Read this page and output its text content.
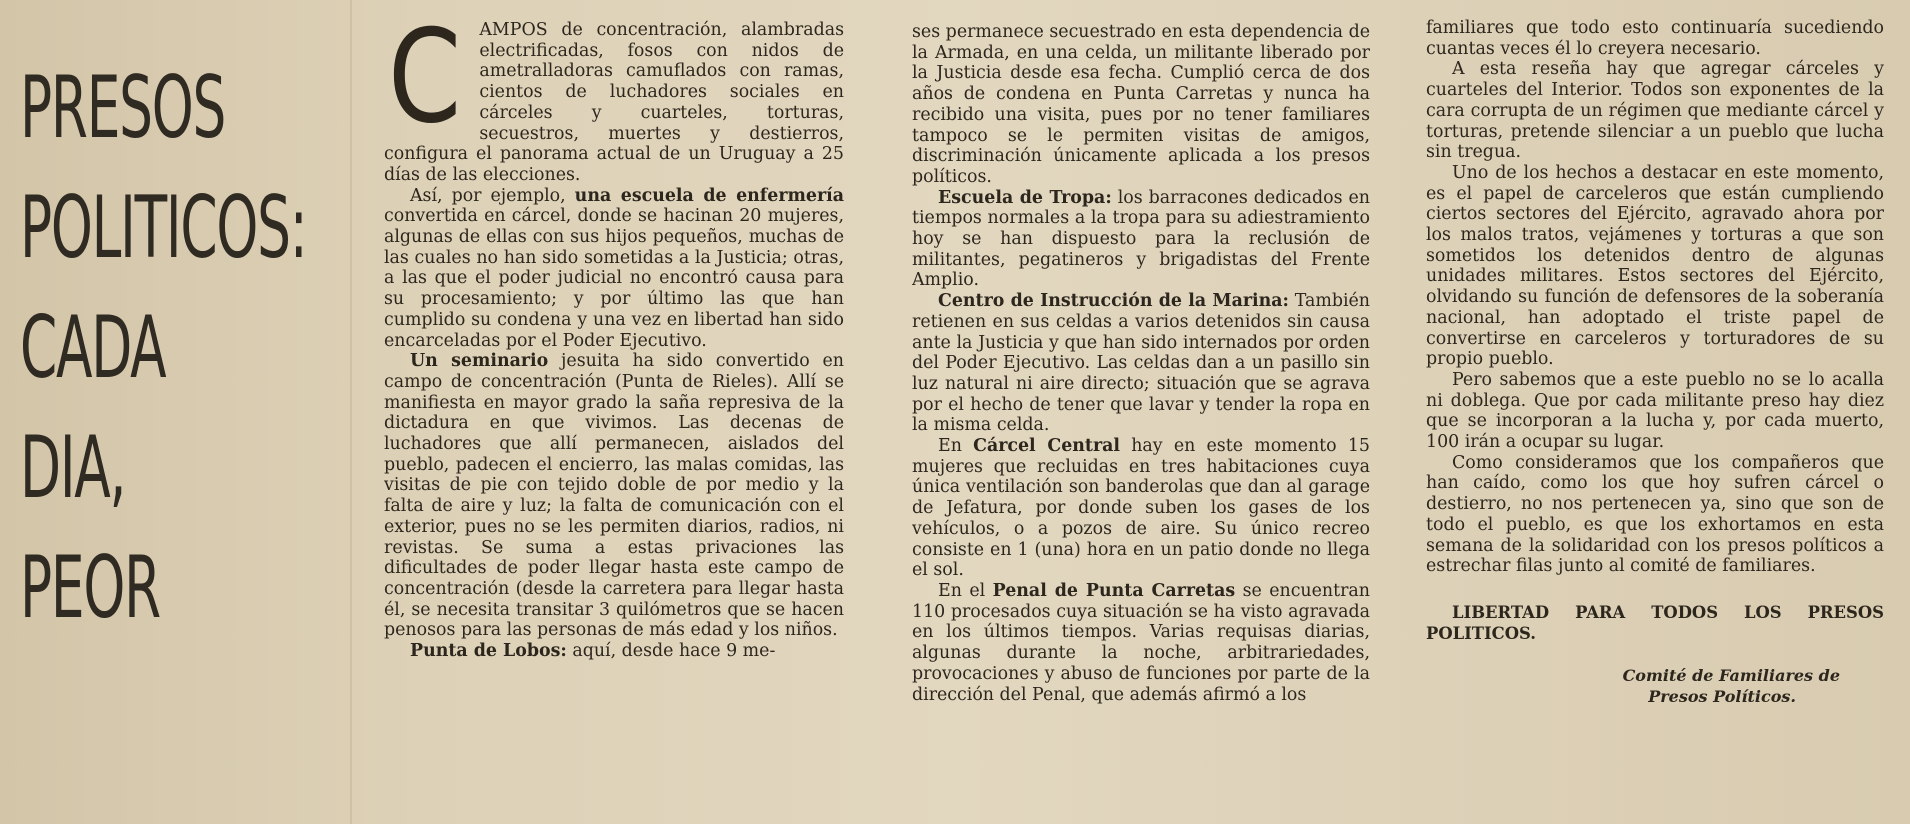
PRESOS
POLITICOS:
CADA
DIA,
PEOR
C	AMPOS de concentración, alambradas electrificadas, fosos con nidos de ametralladoras camuflados con ramas, cientos de luchadores sociales en cárceles y cuarteles, torturas, secuestros, muertes y destierros, configura el panorama actual de un Uruguay a 25 días de las elecciones.

Así, por ejemplo, una escuela de enfermería convertida en cárcel, donde se hacinan 20 mujeres, algunas de ellas con sus hijos pequeños, muchas de las cuales no han sido sometidas a la Justicia; otras, a las que el poder judicial no encontró causa para su procesamiento; y por último las que han cumplido su condena y una vez en libertad han sido encarceladas por el Poder Ejecutivo.

Un seminario jesuita ha sido convertido en campo de concentración (Punta de Rieles). Allí se manifiesta en mayor grado la saña represiva de la dictadura en que vivimos. Las decenas de luchadores que allí permanecen, aislados del pueblo, padecen el encierro, las malas comidas, las visitas de pie con tejido doble de por medio y la falta de aire y luz; la falta de comunicación con el exterior, pues no se les permiten diarios, radios, ni revistas. Se suma a estas privaciones las dificultades de poder llegar hasta este campo de concentración (desde la carretera para llegar hasta él, se necesita transitar 3 quilómetros que se hacen penosos para las personas de más edad y los niños.

Punta de Lobos: aquí, desde hace 9 me-

ses permanece secuestrado en esta dependencia de la Armada, en una celda, un militante liberado por la Justicia desde esa fecha. Cumplió cerca de dos años de condena en Punta Carretas y nunca ha recibido una visita, pues por no tener familiares tampoco se le permiten visitas de amigos, discriminación únicamente aplicada a los presos políticos.

Escuela de Tropa: los barracones dedicados en tiempos normales a la tropa para su adiestramiento hoy se han dispuesto para la reclusión de militantes, pegatineros y brigadistas del Frente Amplio.

Centro de Instrucción de la Marina: También retienen en sus celdas a varios detenidos sin causa ante la Justicia y que han sido internados por orden del Poder Ejecutivo. Las celdas dan a un pasillo sin luz natural ni aire directo; situación que se agrava por el hecho de tener que lavar y tender la ropa en la misma celda.

En Cárcel Central hay en este momento 15 mujeres que recluidas en tres habitaciones cuya única ventilación son banderolas que dan al garage de Jefatura, por donde suben los gases de los vehículos, o a pozos de aire. Su único recreo consiste en 1 (una) hora en un patio donde no llega el sol.

En el Penal de Punta Carretas se encuentran 110 procesados cuya situación se ha visto agravada en los últimos tiempos. Varias requisas diarias, algunas durante la noche, arbitrariedades, provocaciones y abuso de funciones por parte de la dirección del Penal, que además afirmó a los

familiares que todo esto continuaría sucediendo cuantas veces él lo creyera necesario.

A esta reseña hay que agregar cárceles y cuarteles del Interior. Todos son exponentes de la cara corrupta de un régimen que mediante cárcel y torturas, pretende silenciar a un pueblo que lucha sin tregua.

Uno de los hechos a destacar en este momento, es el papel de carceleros que están cumpliendo ciertos sectores del Ejército, agravado ahora por los malos tratos, vejámenes y torturas a que son sometidos los detenidos dentro de algunas unidades militares. Estos sectores del Ejército, olvidando su función de defensores de la soberanía nacional, han adoptado el triste papel de convertirse en carceleros y torturadores de su propio pueblo.

Pero sabemos que a este pueblo no se lo acalla ni doblega. Que por cada militante preso hay diez que se incorporan a la lucha y, por cada muerto, 100 irán a ocupar su lugar.

Como consideramos que los compañeros que han caído, como los que hoy sufren cárcel o destierro, no nos pertenecen ya, sino que son de todo el pueblo, es que los exhortamos en esta semana de la solidaridad con los presos políticos a estrechar filas junto al comité de familiares.

LIBERTAD PARA TODOS LOS PRESOS POLITICOS.
Comité de Familiares de
Presos Políticos.
